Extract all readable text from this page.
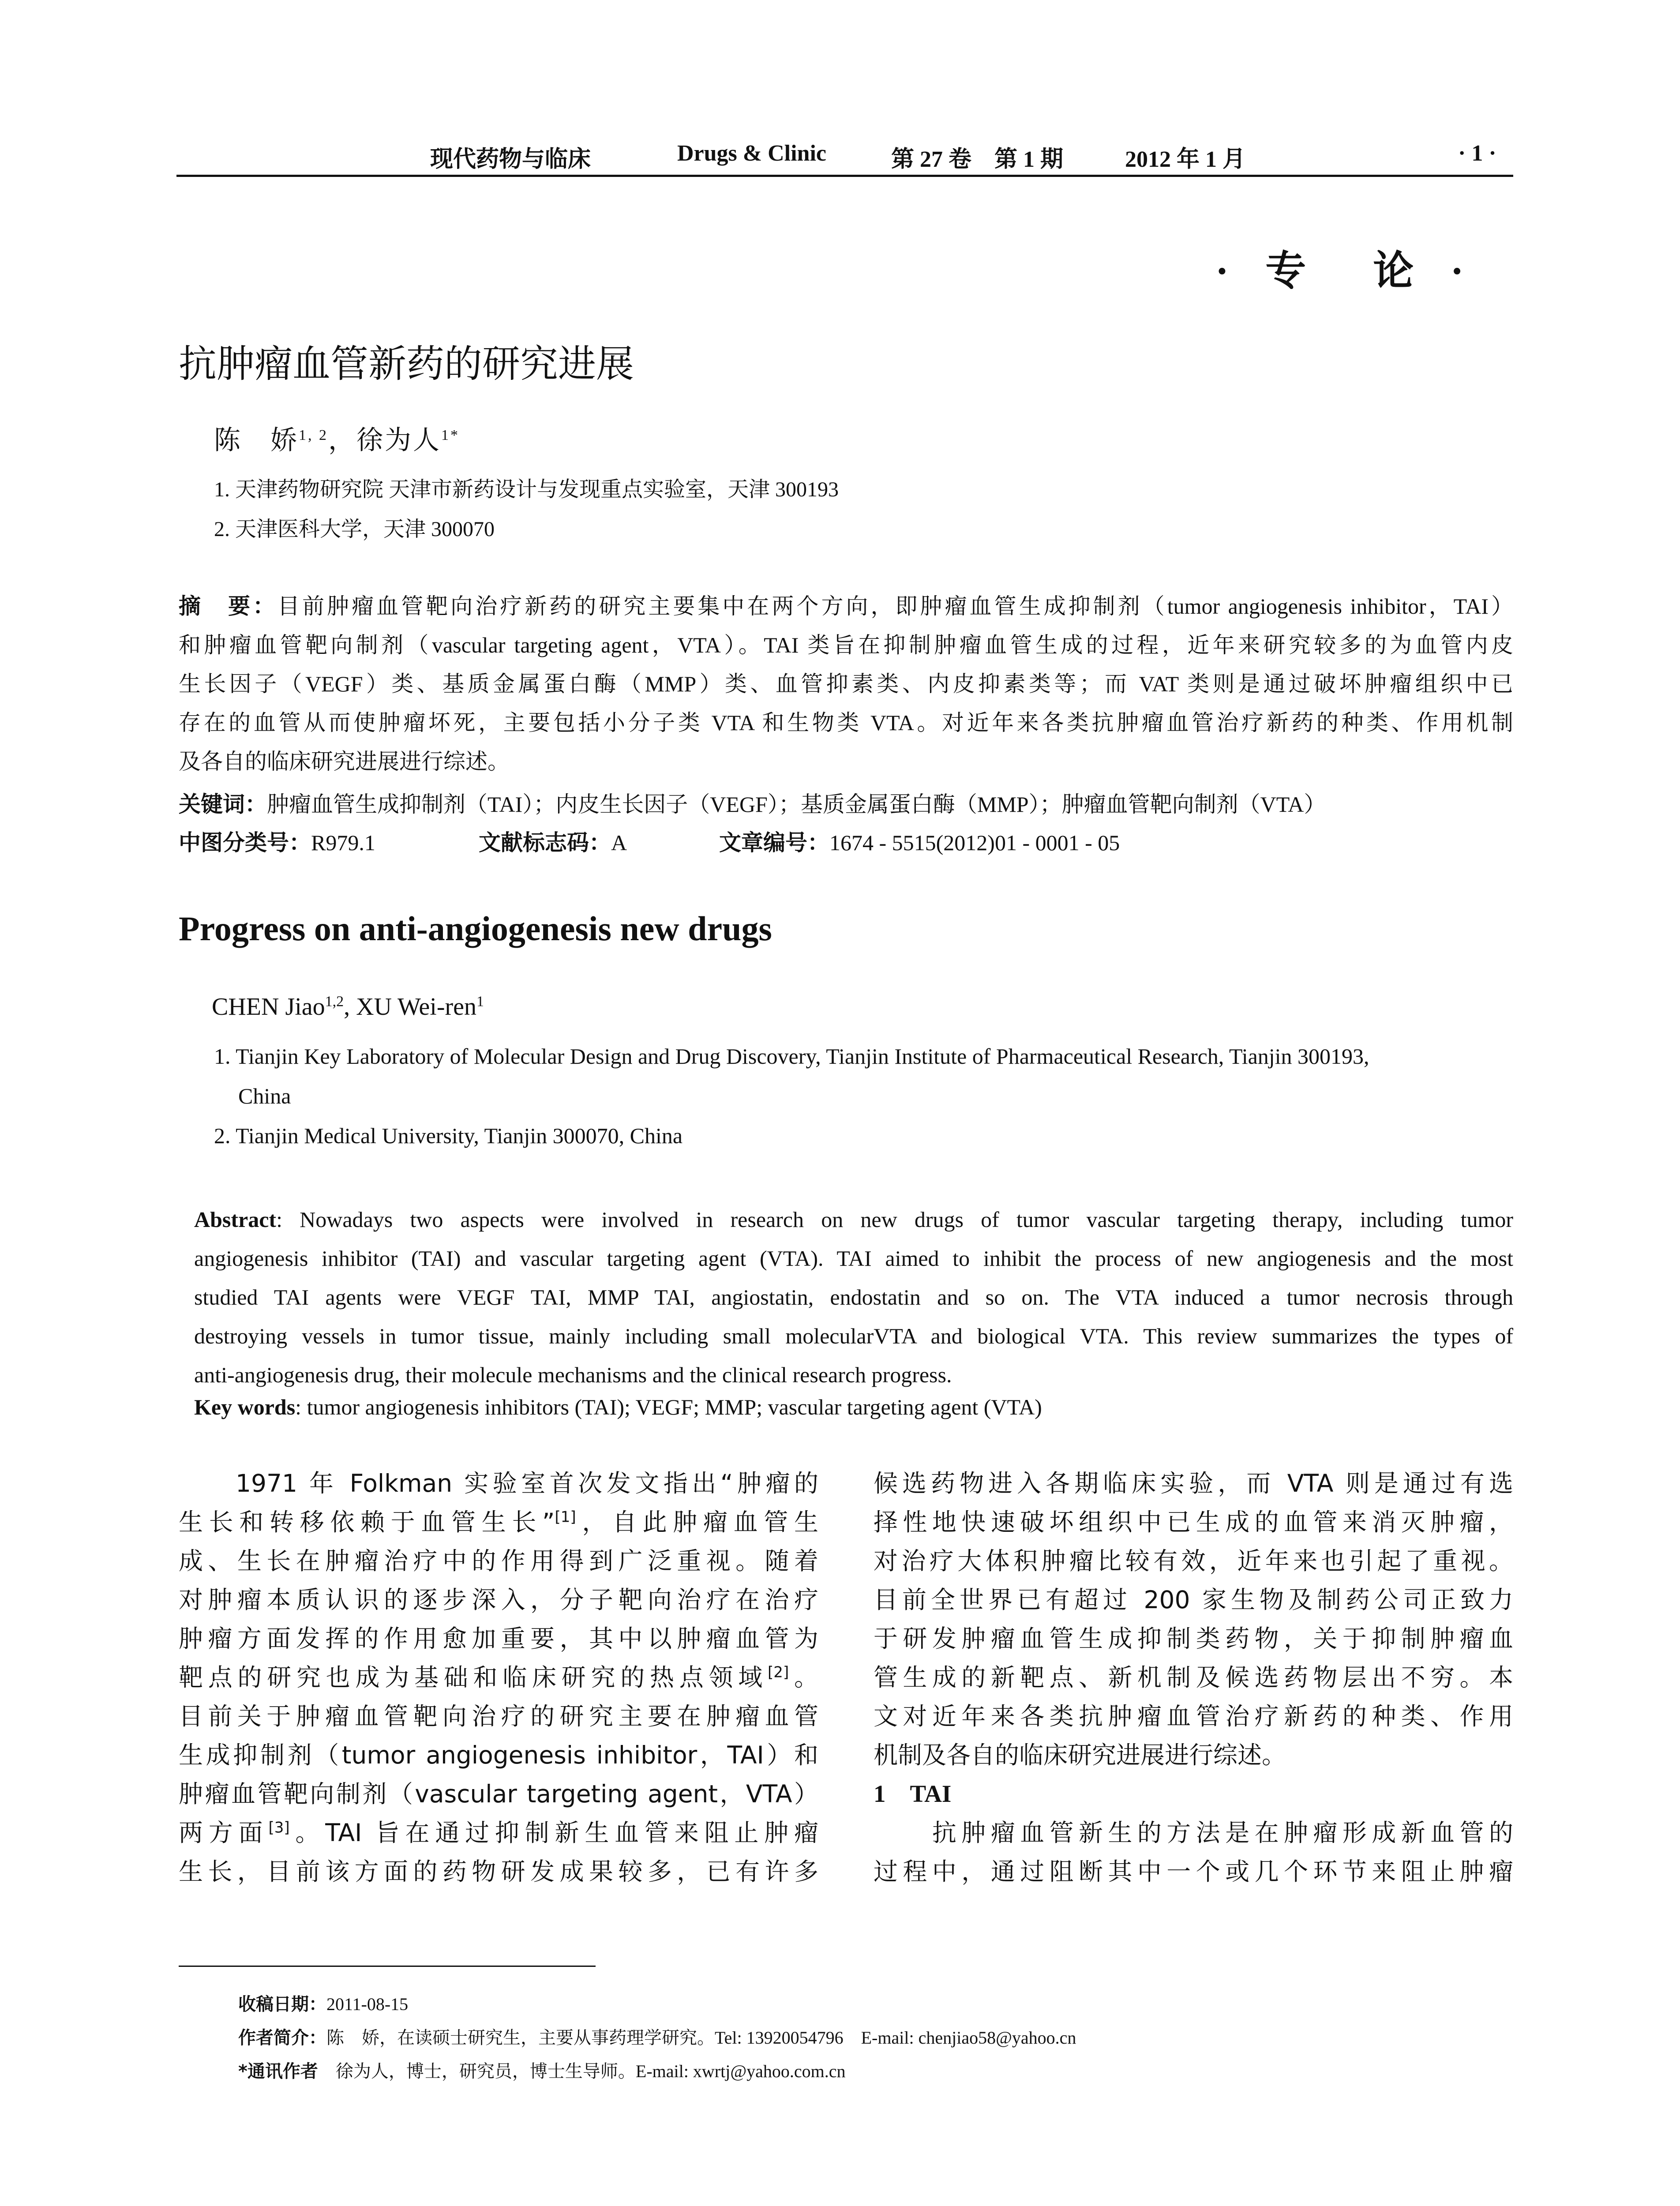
现代药物与临床	Drugs & Clinic	第 27 卷　第 1 期	2012 年 1 月	· 1 ·
· 专　论 ·
抗肿瘤血管新药的研究进展
陈　娇$^{1, 2}$，徐为人$^{1*}$
1. 天津药物研究院 天津市新药设计与发现重点实验室，天津 300193
2. 天津医科大学，天津 300070
摘　要：目前肿瘤血管靶向治疗新药的研究主要集中在两个方向，即肿瘤血管生成抑制剂（tumor angiogenesis inhibitor，TAI）
和肿瘤血管靶向制剂（vascular targeting agent，VTA）。TAI 类旨在抑制肿瘤血管生成的过程，近年来研究较多的为血管内皮
生长因子（VEGF）类、基质金属蛋白酶（MMP）类、血管抑素类、内皮抑素类等；而 VAT 类则是通过破坏肿瘤组织中已
存在的血管从而使肿瘤坏死，主要包括小分子类 VTA 和生物类 VTA。对近年来各类抗肿瘤血管治疗新药的种类、作用机制
及各自的临床研究进展进行综述。
关键词：肿瘤血管生成抑制剂（TAI）；内皮生长因子（VEGF）；基质金属蛋白酶（MMP）；肿瘤血管靶向制剂（VTA）
中图分类号：R979.1	文献标志码：A	文章编号：1674 - 5515(2012)01 - 0001 - 05
Progress on anti-angiogenesis new drugs
CHEN Jiao$^{1,2}$, XU Wei-ren$^1$
1. Tianjin Key Laboratory of Molecular Design and Drug Discovery, Tianjin Institute of Pharmaceutical Research, Tianjin 300193,
China
2. Tianjin Medical University, Tianjin 300070, China
Abstract: Nowadays two aspects were involved in research on new drugs of tumor vascular targeting therapy, including tumor
angiogenesis inhibitor (TAI) and vascular targeting agent (VTA). TAI aimed to inhibit the process of new angiogenesis and the most
studied TAI agents were VEGF TAI, MMP TAI, angiostatin, endostatin and so on. The VTA induced a tumor necrosis through
destroying vessels in tumor tissue, mainly including small molecularVTA and biological VTA. This review summarizes the types of
anti-angiogenesis drug, their molecule mechanisms and the clinical research progress.
Key words: tumor angiogenesis inhibitors (TAI); VEGF; MMP; vascular targeting agent (VTA)
　　1971 年 Folkman 实验室首次发文指出“肿瘤的
生长和转移依赖于血管生长”[1]，自此肿瘤血管生
成、生长在肿瘤治疗中的作用得到广泛重视。随着
对肿瘤本质认识的逐步深入，分子靶向治疗在治疗
肿瘤方面发挥的作用愈加重要，其中以肿瘤血管为
靶点的研究也成为基础和临床研究的热点领域[2]。
目前关于肿瘤血管靶向治疗的研究主要在肿瘤血管
生成抑制剂（tumor angiogenesis inhibitor，TAI）和
肿瘤血管靶向制剂（vascular targeting agent，VTA）
两方面[3]。TAI 旨在通过抑制新生血管来阻止肿瘤
生长，目前该方面的药物研发成果较多，已有许多
候选药物进入各期临床实验，而 VTA 则是通过有选
择性地快速破坏组织中已生成的血管来消灭肿瘤，
对治疗大体积肿瘤比较有效，近年来也引起了重视。
目前全世界已有超过 200 家生物及制药公司正致力
于研发肿瘤血管生成抑制类药物，关于抑制肿瘤血
管生成的新靶点、新机制及候选药物层出不穷。本
文对近年来各类抗肿瘤血管治疗新药的种类、作用
机制及各自的临床研究进展进行综述。
1　TAI
　　抗肿瘤血管新生的方法是在肿瘤形成新血管的
过程中，通过阻断其中一个或几个环节来阻止肿瘤
收稿日期：2011-08-15
作者简介：陈　娇，在读硕士研究生，主要从事药理学研究。Tel: 13920054796　E-mail: chenjiao58@yahoo.cn
*通讯作者　徐为人，博士，研究员，博士生导师。E-mail: xwrtj@yahoo.com.cn
